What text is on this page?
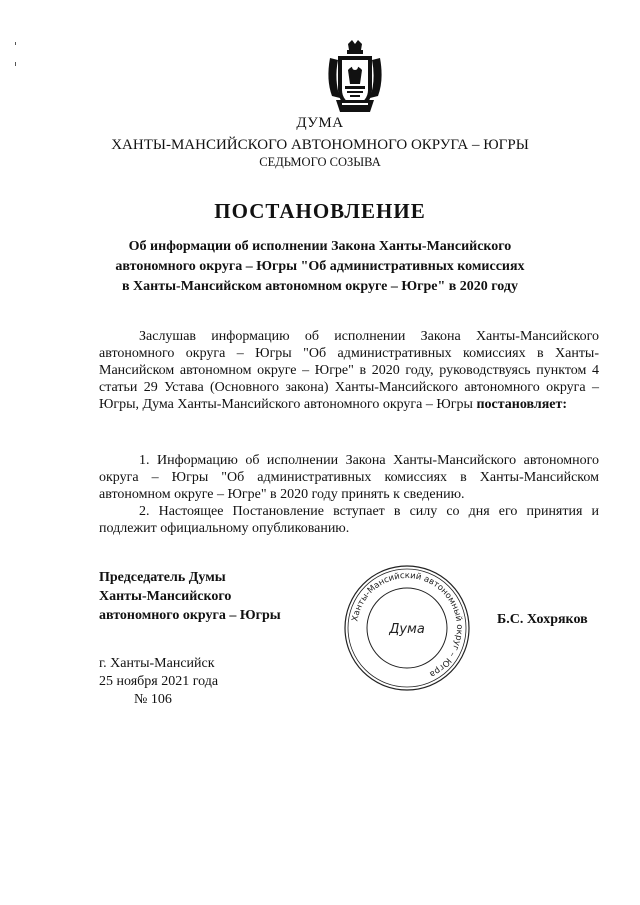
ДУМА
ХАНТЫ-МАНСИЙСКОГО АВТОНОМНОГО ОКРУГА – ЮГРЫ
СЕДЬМОГО СОЗЫВА
ПОСТАНОВЛЕНИЕ
Об информации об исполнении Закона Ханты-Мансийского
автономного округа – Югры "Об административных комиссиях
в Ханты-Мансийском автономном округе – Югре" в 2020 году
Заслушав информацию об исполнении Закона Ханты-Мансийского автономного округа – Югры "Об административных комиссиях в Ханты-Мансийском автономном округе – Югре" в 2020 году, руководствуясь пунктом 4 статьи 29 Устава (Основного закона) Ханты-Мансийского автономного округа – Югры, Дума Ханты-Мансийского автономного округа – Югры постановляет:
1. Информацию об исполнении Закона Ханты-Мансийского автономного округа – Югры "Об административных комиссиях в Ханты-Мансийском автономном округе – Югре" в 2020 году принять к сведению.
2. Настоящее Постановление вступает в силу со дня его принятия и подлежит официальному опубликованию.
Председатель Думы
Ханты-Мансийского
автономного округа – Югры	Ханты-Мансийский автономный округ – Югра
Дума
Б.С. Хохряков
г. Ханты-Мансийск
25 ноября 2021 года
№ 106
